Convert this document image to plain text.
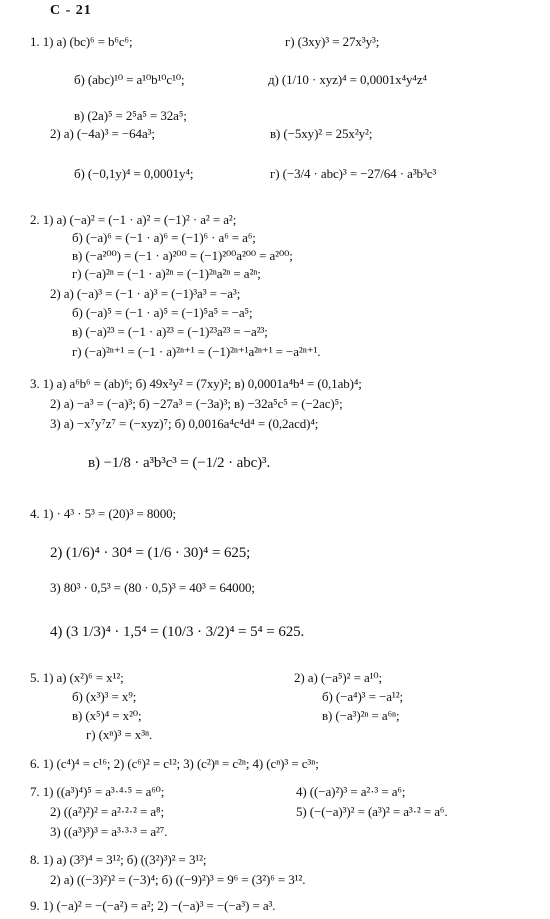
С - 21
1. 1) а) (bc)⁶ = b⁶c⁶;	г) (3xy)³ = 27x³y³;
б) (abc)¹⁰ = a¹⁰b¹⁰c¹⁰;	д) (1/10 · xyz)⁴ = 0,0001x⁴y⁴z⁴
в) (2a)⁵ = 2⁵a⁵ = 32a⁵;
2) а) (−4a)³ = −64a³;	в) (−5xy)² = 25x²y²;
б) (−0,1y)⁴ = 0,0001y⁴;	г) (−3/4 · abc)³ = −27/64 · a³b³c³
2. 1) а) (−a)² = (−1 · a)² = (−1)² · a² = a²;
б) (−a)⁶ = (−1 · a)⁶ = (−1)⁶ · a⁶ = a⁶;
в) (−a²⁰⁰) = (−1 · a)²⁰⁰ = (−1)²⁰⁰a²⁰⁰ = a²⁰⁰;
г) (−a)²ⁿ = (−1 · a)²ⁿ = (−1)²ⁿa²ⁿ = a²ⁿ;
2) а) (−a)³ = (−1 · a)³ = (−1)³a³ = −a³;
б) (−a)⁵ = (−1 · a)⁵ = (−1)⁵a⁵ = −a⁵;
в) (−a)²³ = (−1 · a)²³ = (−1)²³a²³ = −a²³;
г) (−a)²ⁿ⁺¹ = (−1 · a)²ⁿ⁺¹ = (−1)²ⁿ⁺¹a²ⁿ⁺¹ = −a²ⁿ⁺¹.
3. 1) а) a⁶b⁶ = (ab)⁶; б) 49x²y² = (7xy)²; в) 0,0001a⁴b⁴ = (0,1ab)⁴;
2) а) −a³ = (−a)³; б) −27a³ = (−3a)³; в) −32a⁵c⁵ = (−2ac)⁵;
3) а) −x⁷y⁷z⁷ = (−xyz)⁷; б) 0,0016a⁴c⁴d⁴ = (0,2acd)⁴;
в) −1/8 · a³b³c³ = (−1/2 · abc)³.
4. 1) · 4³ · 5³ = (20)³ = 8000;
2) (1/6)⁴ · 30⁴ = (1/6 · 30)⁴ = 625;
3) 80³ · 0,5³ = (80 · 0,5)³ = 40³ = 64000;
4) (3 1/3)⁴ · 1,5⁴ = (10/3 · 3/2)⁴ = 5⁴ = 625.
5. 1) а) (x²)⁶ = x¹²;	2) а) (−a⁵)² = a¹⁰;
б) (x³)³ = x⁹;	б) (−a⁴)³ = −a¹²;
в) (x⁵)⁴ = x²⁰;	в) (−a³)²ⁿ = a⁶ⁿ;
г) (xⁿ)³ = x³ⁿ.
6. 1) (c⁴)⁴ = c¹⁶; 2) (c⁶)² = c¹²; 3) (c²)ⁿ = c²ⁿ; 4) (cⁿ)³ = c³ⁿ;
7. 1) ((a³)⁴)⁵ = a³·⁴·⁵ = a⁶⁰;	4) ((−a)²)³ = a²·³ = a⁶;
2) ((a²)²)² = a²·²·² = a⁸;	5) (−(−a)³)² = (a³)² = a³·² = a⁶.
3) ((a³)³)³ = a³·³·³ = a²⁷.
8. 1) а) (3³)⁴ = 3¹²; б) ((3²)³)² = 3¹²;
2) а) ((−3)²)² = (−3)⁴; б) ((−9)²)³ = 9⁶ = (3²)⁶ = 3¹².
9. 1) (−a)² = −(−a²) = a²; 2) −(−a)³ = −(−a³) = a³.
